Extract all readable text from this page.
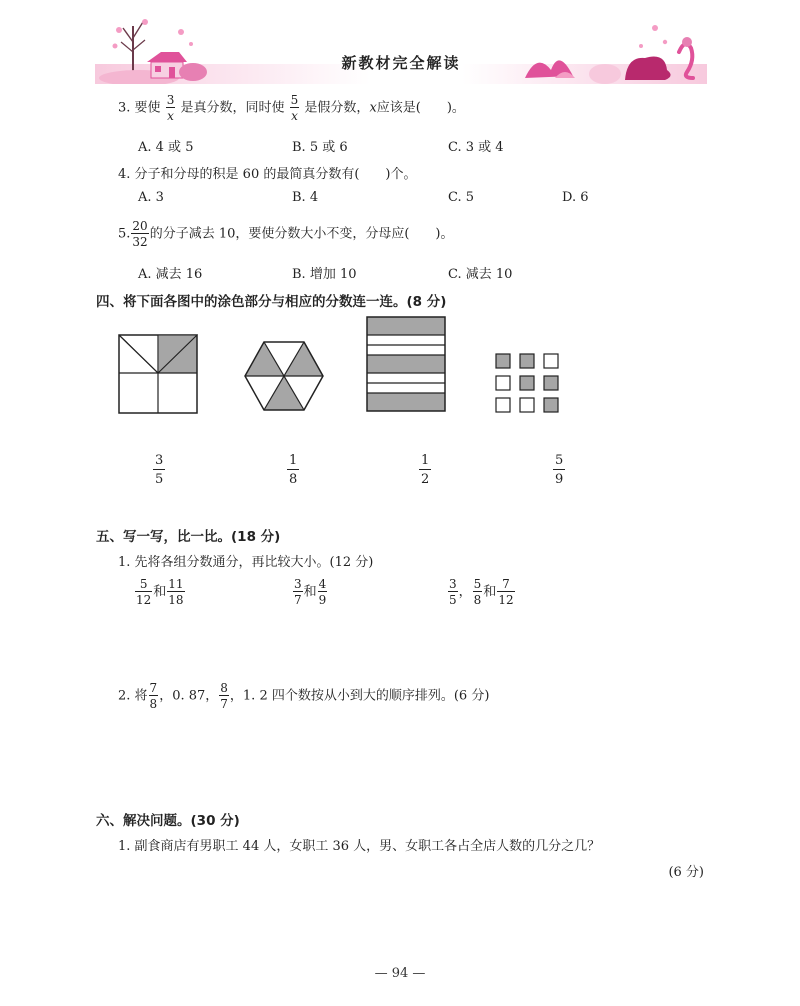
新教材完全解读
3. 要使 $\frac{3}{x}$ 是真分数，同时使 $\frac{5}{x}$ 是假分数，x应该是(　　)。
A. 4 或 5	B. 5 或 6	C. 3 或 4
4. 分子和分母的积是 60 的最简真分数有(　　)个。
A. 3	B. 4	C. 5	D. 6
5. $\frac{20}{32}$ 的分子减去 10，要使分数大小不变，分母应(　　)。
A. 减去 16	B. 增加 10	C. 减去 10
四、将下面各图中的涂色部分与相应的分数连一连。(8 分)
$\frac{3}{5}$	$\frac{1}{8}$	$\frac{1}{2}$	$\frac{5}{9}$
五、写一写，比一比。(18 分)
1. 先将各组分数通分，再比较大小。(12 分)
$\frac{5}{12}$ 和 $\frac{11}{18}$	$\frac{3}{7}$ 和 $\frac{4}{9}$	$\frac{3}{5}$ ， $\frac{5}{8}$ 和 $\frac{7}{12}$
2. 将 $\frac{7}{8}$ ，0. 87， $\frac{8}{7}$ ，1. 2 四个数按从小到大的顺序排列。(6 分)
六、解决问题。(30 分)
1. 副食商店有男职工 44 人，女职工 36 人，男、女职工各占全店人数的几分之几？
(6 分)
— 94 —
